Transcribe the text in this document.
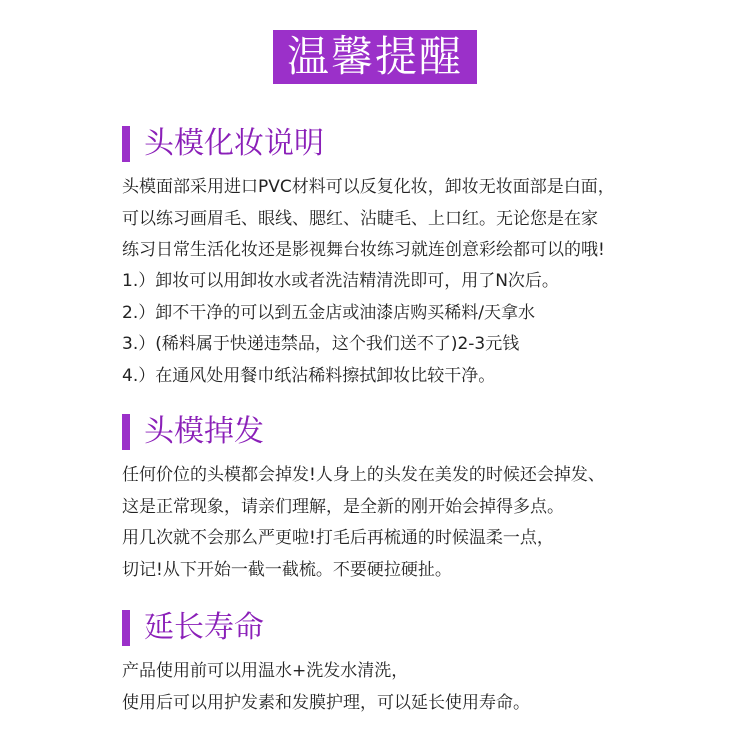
温馨提醒
头模化妆说明

头模面部采用进口PVC材料可以反复化妆，卸妆无妆面部是白面，

可以练习画眉毛、眼线、腮红、沾睫毛、上口红。无论您是在家

练习日常生活化妆还是影视舞台妆练习就连创意彩绘都可以的哦!

1.）卸妆可以用卸妆水或者洗洁精清洗即可，用了N次后。

2.）卸不干净的可以到五金店或油漆店购买稀料/天拿水

3.）(稀料属于快递违禁品，这个我们送不了)2-3元钱

4.）在通风处用餐巾纸沾稀料擦拭卸妆比较干净。

头模掉发

任何价位的头模都会掉发!人身上的头发在美发的时候还会掉发、

这是正常现象，请亲们理解，是全新的刚开始会掉得多点。

用几次就不会那么严更啦!打毛后再梳通的时候温柔一点，

切记!从下开始一截一截梳。不要硬拉硬扯。

延长寿命

产品使用前可以用温水+洗发水清洗，

使用后可以用护发素和发膜护理，可以延长使用寿命。
